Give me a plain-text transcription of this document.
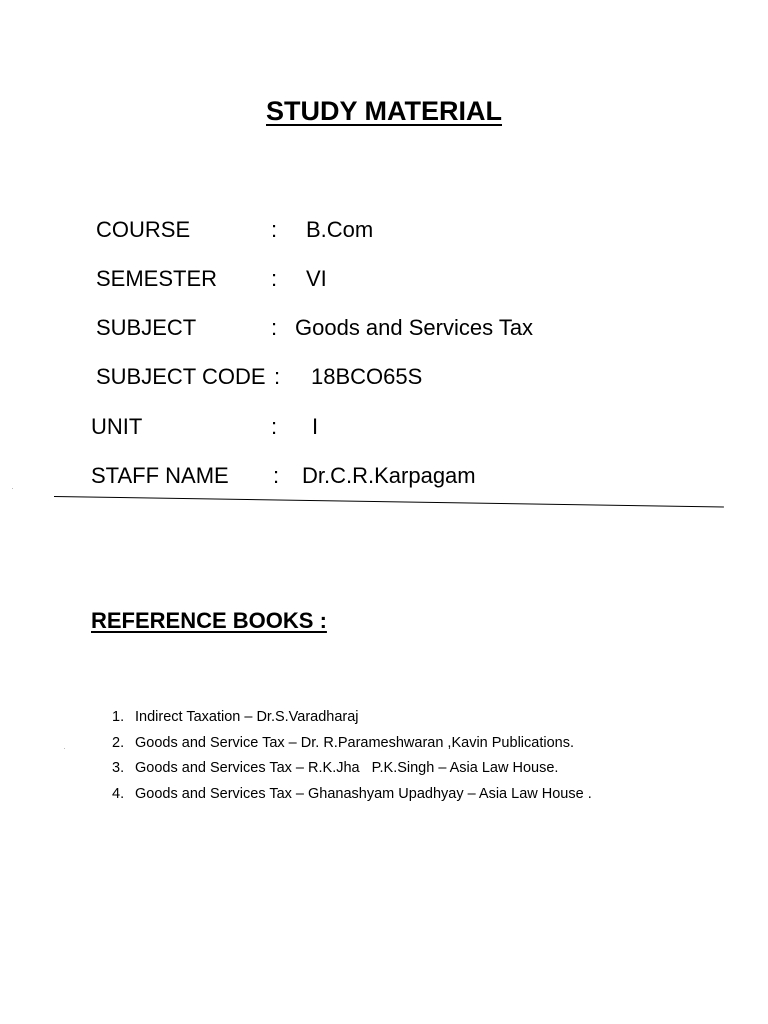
STUDY MATERIAL
COURSE	: B.Com
SEMESTER : VI
SUBJECT	: Goods and Services Tax
SUBJECT CODE : 18BCO65S
UNIT	: I
STAFF NAME : Dr.C.R.Karpagam
REFERENCE BOOKS :
1. Indirect Taxation – Dr.S.Varadharaj
2. Goods and Service Tax – Dr. R.Parameshwaran ,Kavin Publications.
3. Goods and Services Tax – R.K.Jha   P.K.Singh – Asia Law House.
4. Goods and Services Tax – Ghanashyam Upadhyay – Asia Law House .
